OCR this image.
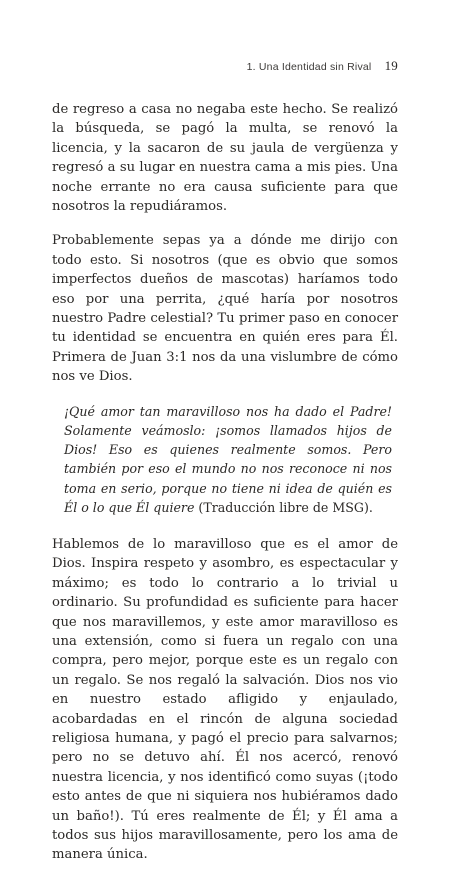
1. Una Identidad sin Rival 19

de regreso a casa no negaba este hecho. Se realizó la búsqueda, se pagó la multa, se renovó la licencia, y la sacaron de su jaula de vergüenza y regresó a su lugar en nuestra cama a mis pies. Una noche errante no era causa suficiente para que nosotros la repudiáramos.

Probablemente sepas ya a dónde me dirijo con todo esto. Si nosotros (que es obvio que somos imperfectos dueños de mascotas) haríamos todo eso por una perrita, ¿qué haría por nosotros nuestro Padre celestial? Tu primer paso en conocer tu identidad se encuentra en quién eres para Él. Primera de Juan 3:1 nos da una vislumbre de cómo nos ve Dios.

¡Qué amor tan maravilloso nos ha dado el Padre! Solamente veámoslo: ¡somos llamados hijos de Dios! Eso es quienes realmente somos. Pero también por eso el mundo no nos reconoce ni nos toma en serio, porque no tiene ni idea de quién es Él o lo que Él quiere (Traducción libre de MSG).

Hablemos de lo maravilloso que es el amor de Dios. Inspira respeto y asombro, es espectacular y máximo; es todo lo contrario a lo trivial u ordinario. Su profundidad es suficiente para hacer que nos maravillemos, y este amor maravilloso es una extensión, como si fuera un regalo con una compra, pero mejor, porque este es un regalo con un regalo. Se nos regaló la salvación. Dios nos vio en nuestro estado afligido y enjaulado, acobardadas en el rincón de alguna sociedad religiosa humana, y pagó el precio para salvarnos; pero no se detuvo ahí. Él nos acercó, renovó nuestra licencia, y nos identificó como suyas (¡todo esto antes de que ni siquiera nos hubiéramos dado un baño!). Tú eres realmente de Él; y Él ama a todos sus hijos maravillosamente, pero los ama de manera única.
